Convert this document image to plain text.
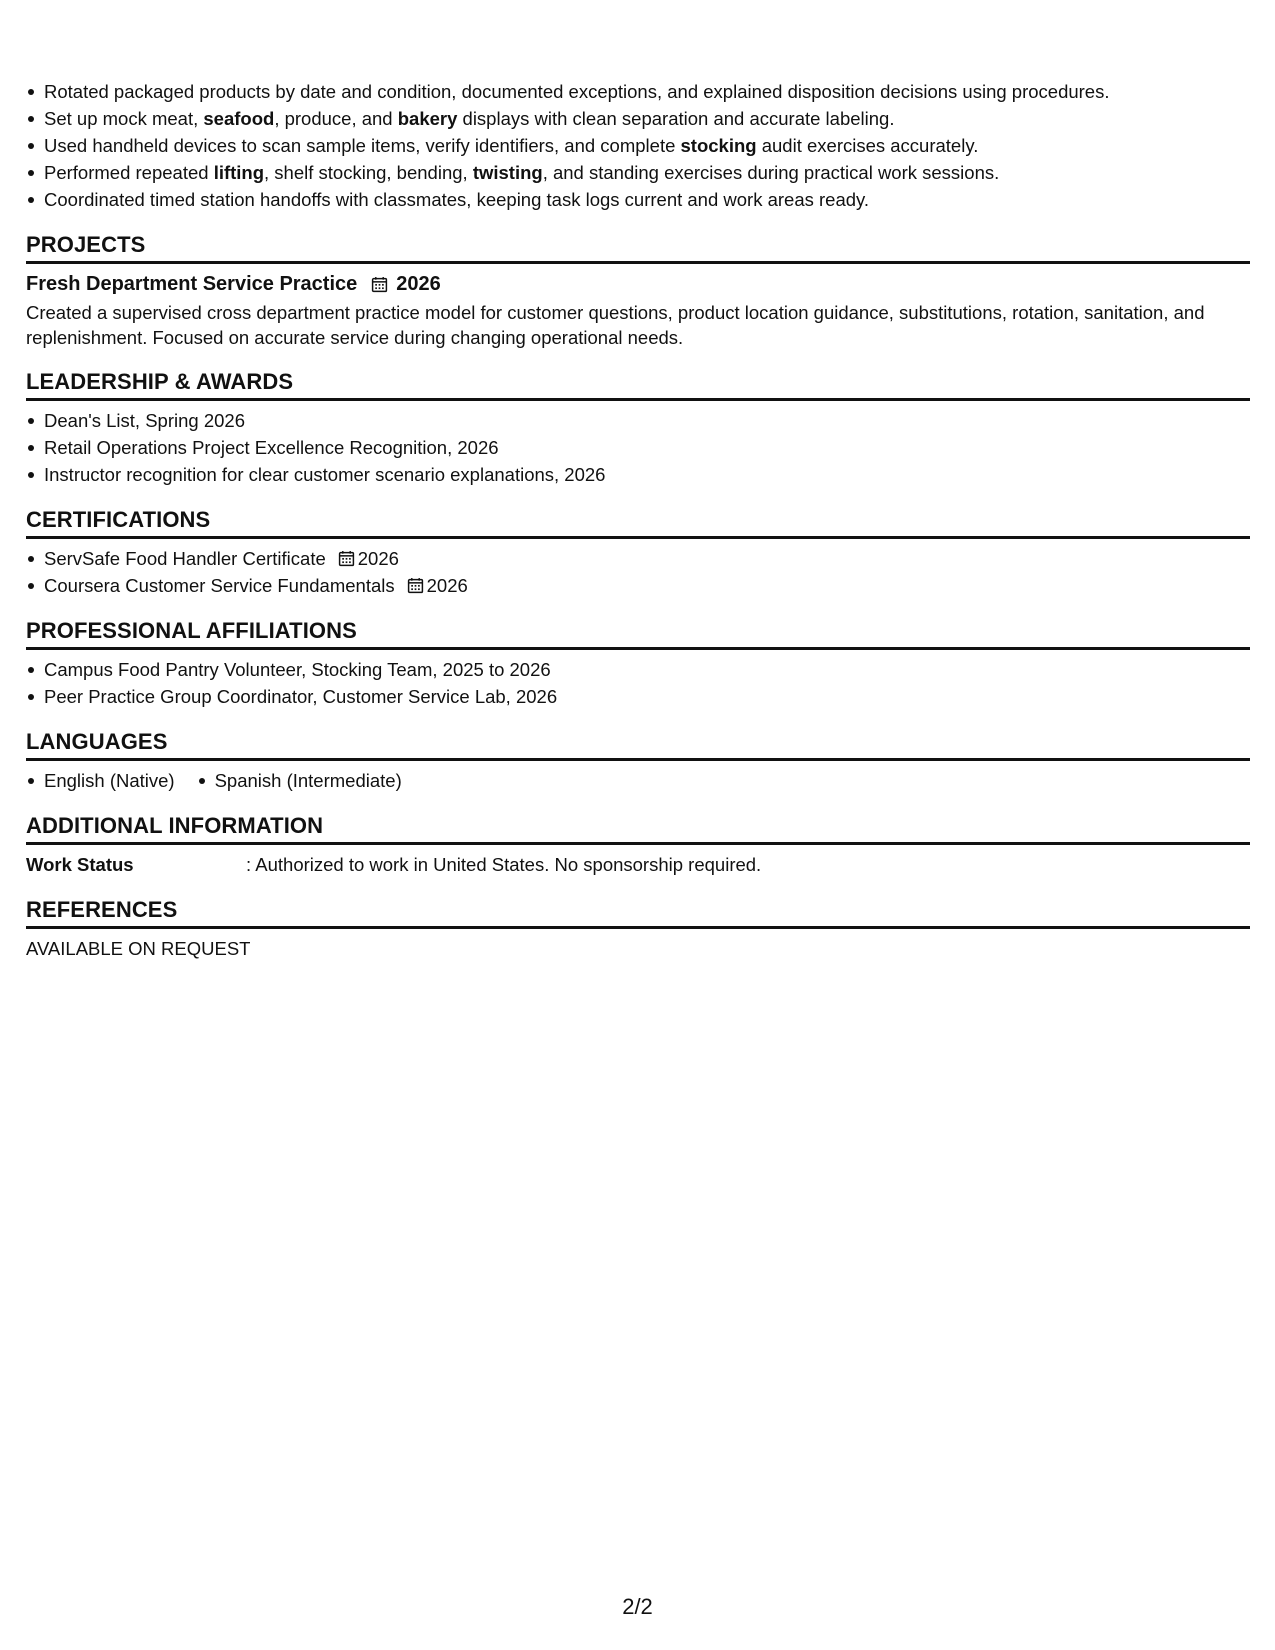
Rotated packaged products by date and condition, documented exceptions, and explained disposition decisions using procedures.
Set up mock meat, seafood, produce, and bakery displays with clean separation and accurate labeling.
Used handheld devices to scan sample items, verify identifiers, and complete stocking audit exercises accurately.
Performed repeated lifting, shelf stocking, bending, twisting, and standing exercises during practical work sessions.
Coordinated timed station handoffs with classmates, keeping task logs current and work areas ready.
PROJECTS
Fresh Department Service Practice 2026
Created a supervised cross department practice model for customer questions, product location guidance, substitutions, rotation, sanitation, and replenishment. Focused on accurate service during changing operational needs.
LEADERSHIP & AWARDS
Dean's List, Spring 2026
Retail Operations Project Excellence Recognition, 2026
Instructor recognition for clear customer scenario explanations, 2026
CERTIFICATIONS
ServSafe Food Handler Certificate 2026
Coursera Customer Service Fundamentals 2026
PROFESSIONAL AFFILIATIONS
Campus Food Pantry Volunteer, Stocking Team, 2025 to 2026
Peer Practice Group Coordinator, Customer Service Lab, 2026
LANGUAGES
English (Native) Spanish (Intermediate)
ADDITIONAL INFORMATION
Work Status	: Authorized to work in United States. No sponsorship required.
REFERENCES
AVAILABLE ON REQUEST
2/2
